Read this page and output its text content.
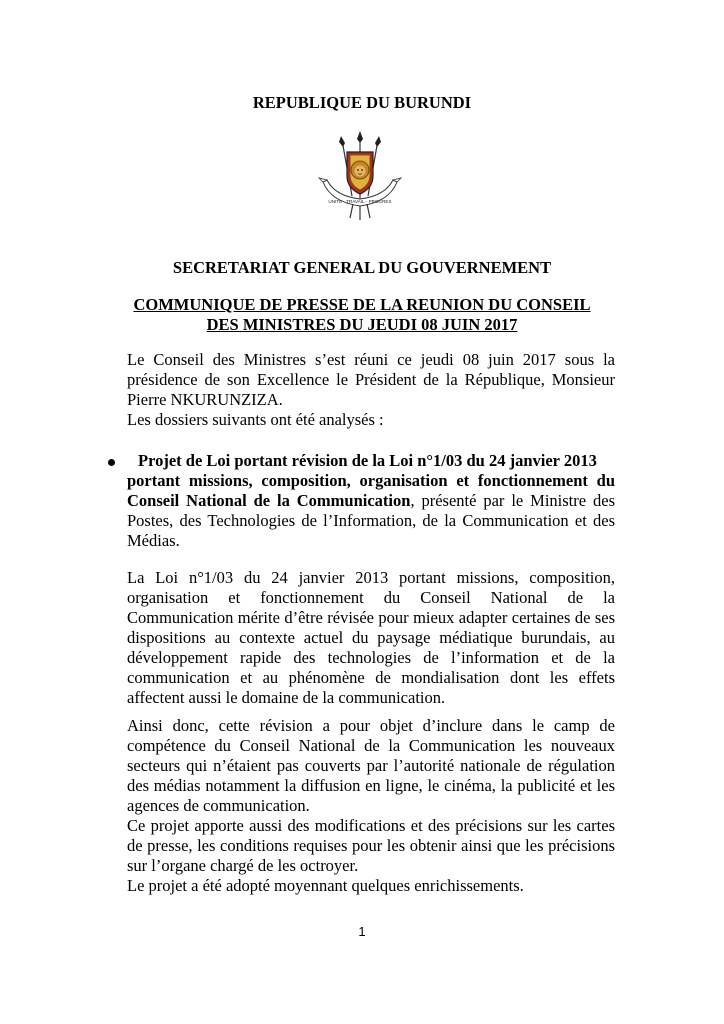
REPUBLIQUE DU BURUNDI

UNITE - TRAVAIL - PROGRES

SECRETARIAT GENERAL DU GOUVERNEMENT

COMMUNIQUE DE PRESSE DE LA REUNION DU CONSEIL
DES MINISTRES DU JEUDI 08 JUIN 2017
Le Conseil des Ministres s’est réuni ce jeudi 08 juin 2017 sous la
présidence de son Excellence le Président de la République, Monsieur
Pierre NKURUNZIZA.
Les dossiers suivants ont été analysés :
Projet de Loi portant révision de la Loi n°1/03 du 24 janvier 2013
portant missions, composition, organisation et fonctionnement du
Conseil National de la Communication, présenté par le Ministre des
Postes, des Technologies de l’Information, de la Communication et des
Médias.
La Loi n°1/03 du 24 janvier 2013 portant missions, composition,
organisation et fonctionnement du Conseil National de la
Communication mérite d’être révisée pour mieux adapter certaines de ses
dispositions au contexte actuel du paysage médiatique burundais, au
développement rapide des technologies de l’information et de la
communication et au phénomène de mondialisation dont les effets
affectent aussi le domaine de la communication.
Ainsi donc, cette révision a pour objet d’inclure dans le camp de
compétence du Conseil National de la Communication les nouveaux
secteurs qui n’étaient pas couverts par l’autorité nationale de régulation
des médias notamment la diffusion en ligne, le cinéma, la publicité et les
agences de communication.
Ce projet apporte aussi des modifications et des précisions sur les cartes
de presse, les conditions requises pour les obtenir ainsi que les précisions
sur l’organe chargé de les octroyer.
Le projet a été adopté moyennant quelques enrichissements.
1
